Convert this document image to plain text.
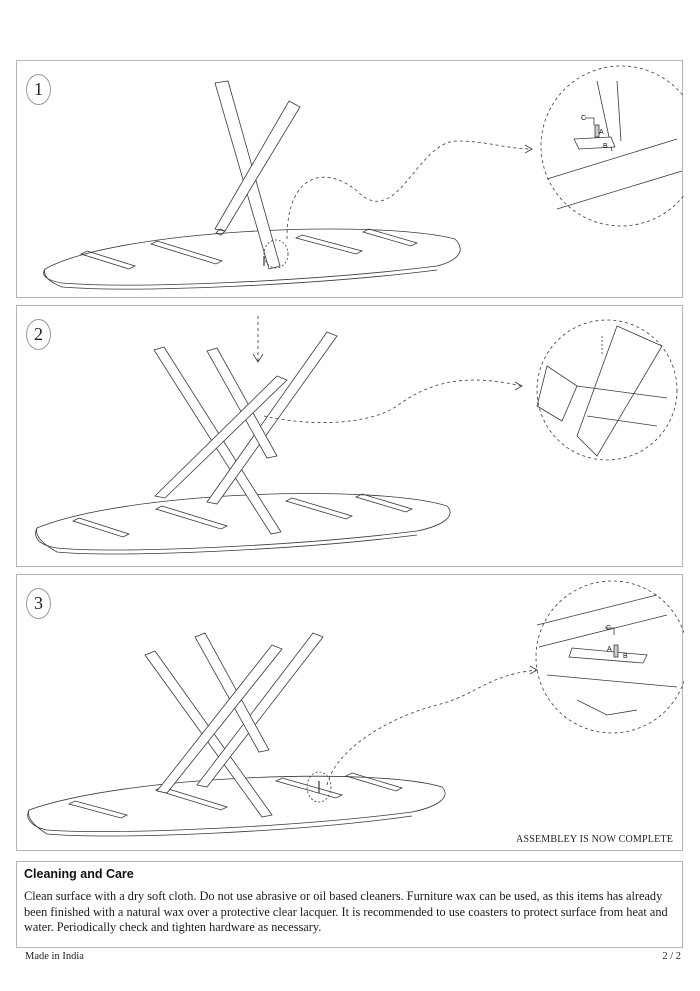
C
A
B
1
2
C
A
B
3
ASSEMBLEY IS NOW COMPLETE
Cleaning and Care

Clean surface with a dry soft cloth. Do not use abrasive or oil based cleaners. Furniture wax can be used, as this items has already been finished with a natural wax over a protective clear lacquer. It is recommended to use coasters to protect surface from heat and water. Periodically check and tighten hardware as necessary.

Made in India	2 / 2
